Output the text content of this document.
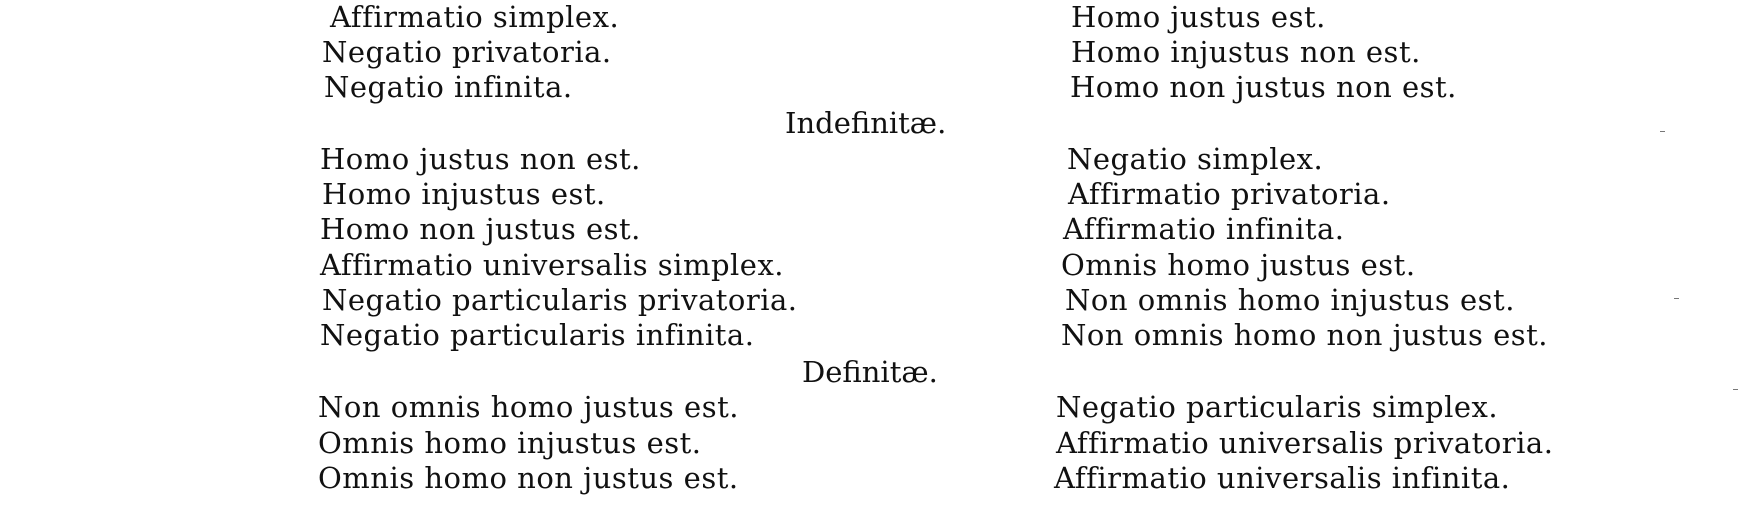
Affirmatio simplex.
Negatio privatoria.
Negatio infinita.
Homo justus est.
Homo injustus non est.
Homo non justus non est.
Indefinitæ.
Homo justus non est.
Homo injustus est.
Homo non justus est.
Affirmatio universalis simplex.
Negatio particularis privatoria.
Negatio particularis infinita.
Negatio simplex.
Affirmatio privatoria.
Affirmatio infinita.
Omnis homo justus est.
Non omnis homo injustus est.
Non omnis homo non justus est.
Definitæ.
Non omnis homo justus est.
Omnis homo injustus est.
Omnis homo non justus est.
Negatio particularis simplex.
Affirmatio universalis privatoria.
Affirmatio universalis infinita.
